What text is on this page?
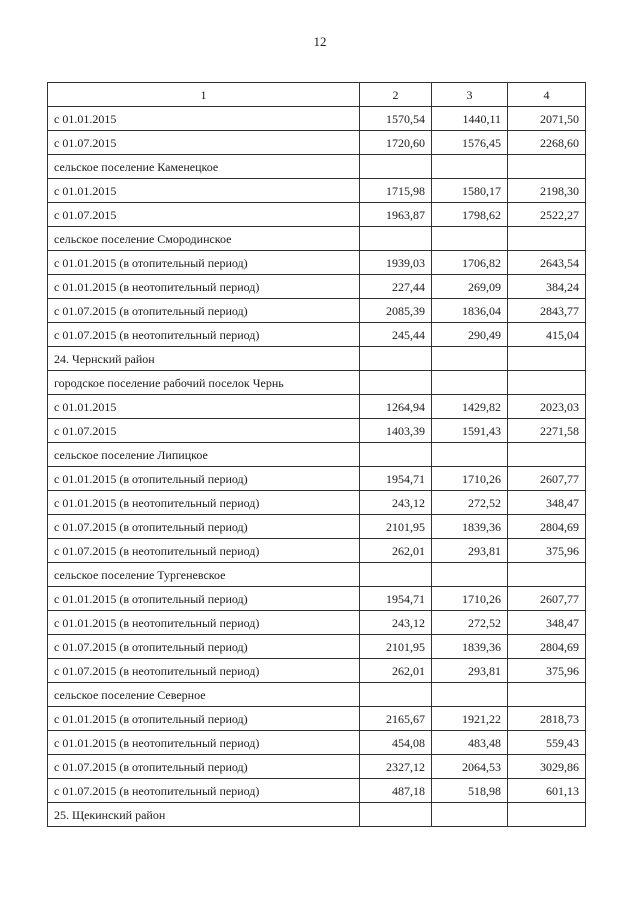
12
1	2	3	4
с 01.01.2015	1570,54	1440,11	2071,50
с 01.07.2015	1720,60	1576,45	2268,60
сельское поселение Каменецкое			
с 01.01.2015	1715,98	1580,17	2198,30
с 01.07.2015	1963,87	1798,62	2522,27
сельское поселение Смородинское			
с 01.01.2015 (в отопительный период)	1939,03	1706,82	2643,54
с 01.01.2015 (в неотопительный период)	227,44	269,09	384,24
с 01.07.2015 (в отопительный период)	2085,39	1836,04	2843,77
с 01.07.2015 (в неотопительный период)	245,44	290,49	415,04
24. Чернский район			
городское поселение рабочий поселок Чернь			
с 01.01.2015	1264,94	1429,82	2023,03
с 01.07.2015	1403,39	1591,43	2271,58
сельское поселение Липицкое			
с 01.01.2015 (в отопительный период)	1954,71	1710,26	2607,77
с 01.01.2015 (в неотопительный период)	243,12	272,52	348,47
с 01.07.2015 (в отопительный период)	2101,95	1839,36	2804,69
с 01.07.2015 (в неотопительный период)	262,01	293,81	375,96
сельское поселение Тургеневское			
с 01.01.2015 (в отопительный период)	1954,71	1710,26	2607,77
с 01.01.2015 (в неотопительный период)	243,12	272,52	348,47
с 01.07.2015 (в отопительный период)	2101,95	1839,36	2804,69
с 01.07.2015 (в неотопительный период)	262,01	293,81	375,96
сельское поселение Северное			
с 01.01.2015 (в отопительный период)	2165,67	1921,22	2818,73
с 01.01.2015 (в неотопительный период)	454,08	483,48	559,43
с 01.07.2015 (в отопительный период)	2327,12	2064,53	3029,86
с 01.07.2015 (в неотопительный период)	487,18	518,98	601,13
25. Щекинский район			
